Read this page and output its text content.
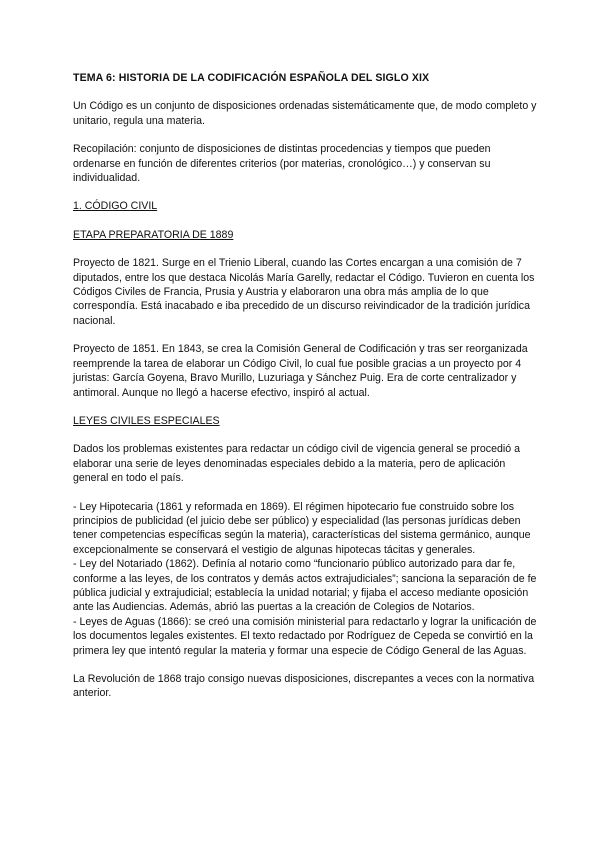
TEMA 6: HISTORIA DE LA CODIFICACIÓN ESPAÑOLA DEL SIGLO XIX

Un Código es un conjunto de disposiciones ordenadas sistemáticamente que, de modo completo y unitario, regula una materia.

Recopilación: conjunto de disposiciones de distintas procedencias y tiempos que pueden ordenarse en función de diferentes criterios (por materias, cronológico…) y conservan su individualidad.

1. CÓDIGO CIVIL
ETAPA PREPARATORIA DE 1889

Proyecto de 1821. Surge en el Trienio Liberal, cuando las Cortes encargan a una comisión de 7 diputados, entre los que destaca Nicolás María Garelly, redactar el Código. Tuvieron en cuenta los Códigos Civiles de Francia, Prusia y Austria y elaboraron una obra más amplia de lo que correspondía. Está inacabado e iba precedido de un discurso reivindicador de la tradición jurídica nacional.

Proyecto de 1851. En 1843, se crea la Comisión General de Codificación y tras ser reorganizada reemprende la tarea de elaborar un Código Civil, lo cual fue posible gracias a un proyecto por 4 juristas: García Goyena, Bravo Murillo, Luzuriaga y Sánchez Puig. Era de corte centralizador y antimoral. Aunque no llegó a hacerse efectivo, inspiró al actual.

LEYES CIVILES ESPECIALES

Dados los problemas existentes para redactar un código civil de vigencia general se procedió a elaborar una serie de leyes denominadas especiales debido a la materia, pero de aplicación general en todo el país.

- Ley Hipotecaria (1861 y reformada en 1869). El régimen hipotecario fue construido sobre los principios de publicidad (el juicio debe ser público) y especialidad (las personas jurídicas deben tener competencias específicas según la materia), características del sistema germánico, aunque excepcionalmente se conservará el vestigio de algunas hipotecas tácitas y generales.
- Ley del Notariado (1862). Definía al notario como “funcionario público autorizado para dar fe, conforme a las leyes, de los contratos y demás actos extrajudiciales”; sanciona la separación de fe pública judicial y extrajudicial; establecía la unidad notarial; y fijaba el acceso mediante oposición ante las Audiencias. Además, abrió las puertas a la creación de Colegios de Notarios.
- Leyes de Aguas (1866): se creó una comisión ministerial para redactarlo y lograr la unificación de los documentos legales existentes. El texto redactado por Rodríguez de Cepeda se convirtió en la primera ley que intentó regular la materia y formar una especie de Código General de las Aguas.

La Revolución de 1868 trajo consigo nuevas disposiciones, discrepantes a veces con la normativa anterior.
